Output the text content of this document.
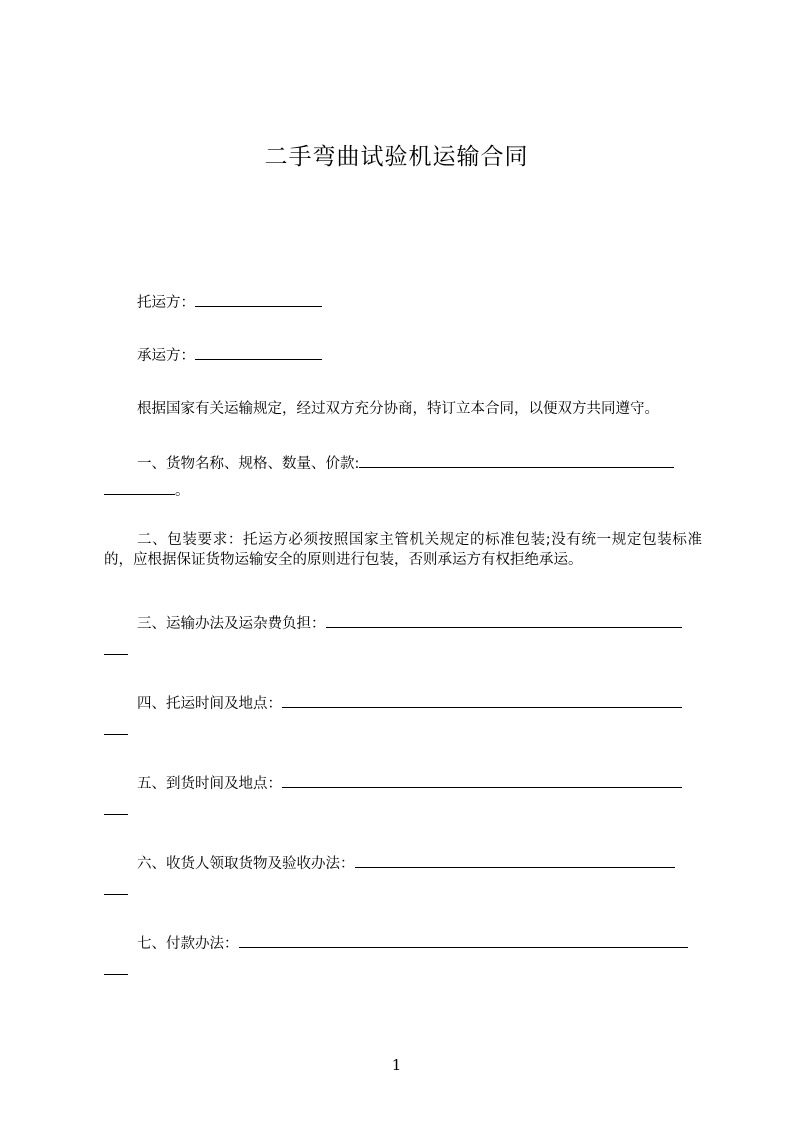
二手弯曲试验机运输合同
托运方：
承运方：
根据国家有关运输规定，经过双方充分协商，特订立本合同，以便双方共同遵守。
一、货物名称、规格、数量、价款:
。
二、包装要求：托运方必须按照国家主管机关规定的标准包装;没有统一规定包装标准的，应根据保证货物运输安全的原则进行包装，否则承运方有权拒绝承运。
三、运输办法及运杂费负担：
四、托运时间及地点：
五、到货时间及地点：
六、收货人领取货物及验收办法：
七、付款办法：
1
